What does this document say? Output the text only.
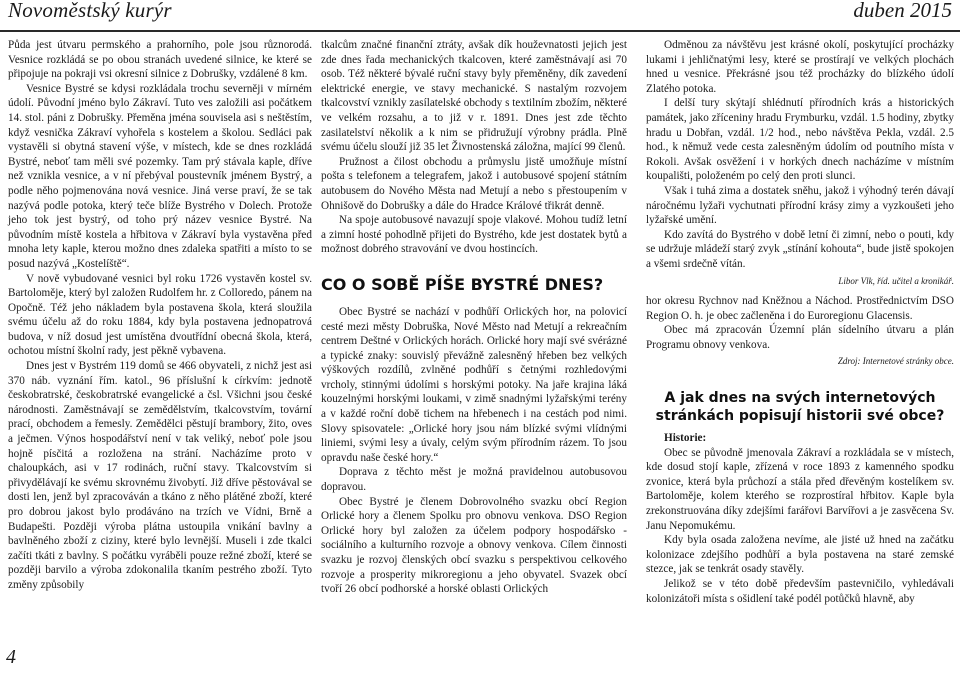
Novoměstský kurýr	duben 2015

Půda jest útvaru permského a prahorního, pole jsou různorodá. Vesnice rozkládá se po obou stranách uvedené silnice, ke které se připojuje na pokraji vsi okresní silnice z Dobrušky, vzdálené 8 km.

Vesnice Bystré se kdysi rozkládala trochu severněji v mírném údolí. Původní jméno bylo Zákraví. Tuto ves založili asi počátkem 14. stol. páni z Dobrušky. Přeměna jména souvisela asi s neštěstím, když vesnička Zákraví vyhořela s kostelem a školou. Sedláci pak vystavěli si obytná stavení výše, v místech, kde se dnes rozkládá Bystré, neboť tam měli své pozemky. Tam prý stávala kaple, dříve než vznikla vesnice, a v ní přebýval poustevník jménem Bystrý, a podle něho pojmenována nová vesnice. Jiná verse praví, že se tak nazývá podle potoka, který teče blíže Bystrého v Dolech. Protože jeho tok jest bystrý, od toho prý název vesnice Bystré. Na původním místě kostela a hřbitova v Zákraví byla vystavěna před mnoha lety kaple, kterou možno dnes zdaleka spatřiti a místo to se posud nazývá „Kostelíště“.

V nově vybudované vesnici byl roku 1726 vystavěn kostel sv. Bartoloměje, který byl založen Rudolfem hr. z Colloredo, pánem na Opočně. Též jeho nákladem byla postavena škola, která sloužila svému účelu až do roku 1884, kdy byla postavena jednopatrová budova, v níž dosud jest umístěna dvoutřídní obecná škola, která, ochotou místní školní rady, jest pěkně vybavena.

Dnes jest v Bystrém 119 domů se 466 obyvateli, z nichž jest asi 370 náb. vyznání řím. katol., 96 příslušní k církvím: jednotě českobratrské, českobratrské evangelické a čsl. Všichni jsou české národnosti. Zaměstnávají se zemědělstvím, tkalcovstvím, tovární prací, obchodem a řemesly. Zemědělci pěstují brambory, žito, oves a ječmen. Výnos hospodářství není v tak veliký, neboť pole jsou hojně písčitá a rozložena na strání. Nacházíme proto v chaloupkách, asi v 17 rodinách, ruční stavy. Tkalcovstvím si přivydělávají ke svému skrovnému živobytí. Již dříve pěstovával se dosti len, jenž byl zpracováván a tkáno z něho plátěné zboží, které pro dobrou jakost bylo prodáváno na trzích ve Vídni, Brně a Budapešti. Později výroba plátna ustoupila vnikání bavlny a bavlněného zboží z ciziny, které bylo levnější. Museli i zde tkalci začíti tkáti z bavlny. S počátku vyráběli pouze režné zboží, které se později barvilo a výroba zdokonalila tkaním pestrého zboží. Tyto změny způsobily

tkalcům značné finanční ztráty, avšak dík houževnatosti jejich jest zde dnes řada mechanických tkalcoven, které zaměstnávají asi 70 osob. Též některé bývalé ruční stavy byly přeměněny, dík zavedení elektrické energie, ve stavy mechanické. S nastalým rozvojem tkalcovství vznikly zasílatelské obchody s textilním zbožím, některé ve velkém rozsahu, a to již v r. 1891. Dnes jest zde těchto zasilatelství několik a k nim se přidružují výrobny prádla. Plně svému účelu slouží již 35 let Živnostenská záložna, mající 99 členů.

Pružnost a čilost obchodu a průmyslu jistě umožňuje místní pošta s telefonem a telegrafem, jakož i autobusové spojení státním autobusem do Nového Města nad Metují a nebo s přestoupením v Ohnišově do Dobrušky a dále do Hradce Králové třikrát denně.

Na spoje autobusové navazují spoje vlakové. Mohou tudíž letní a zimní hosté pohodlně přijeti do Bystrého, kde jest dostatek bytů a možnost dobrého stravování ve dvou hostincích.

CO O SOBĚ PÍŠE BYSTRÉ DNES?

Obec Bystré se nachází v podhůří Orlických hor, na polovicí cesté mezi městy Dobruška, Nové Město nad Metují a rekreačním centrem Deštné v Orlických horách. Orlické hory mají své svérázné a typické znaky: souvislý převážně zalesněný hřeben bez velkých výškových rozdílů, zvlněné podhůří s četnými rozhledovými vrcholy, stinnými údolími s horskými potoky. Na jaře krajina láká kouzelnými horskými loukami, v zimě snadnými lyžařskými terény a v každé roční době tichem na hřebenech i na cestách pod nimi. Slovy spisovatele: „Orlické hory jsou nám blízké svými vlídnými liniemi, svými lesy a úvaly, celým svým přírodním rázem. To jsou opravdu naše české hory.“

Doprava z těchto měst je možná pravidelnou autobusovou dopravou.

Obec Bystré je členem Dobrovolného svazku obcí Region Orlické hory a členem Spolku pro obnovu venkova. DSO Region Orlické hory byl založen za účelem podpory hospodářsko - sociálního a kulturního rozvoje a obnovy venkova. Cílem činnosti svazku je rozvoj členských obcí svazku s perspektivou celkového rozvoje a prosperity mikroregionu a jeho obyvatel. Svazek obcí tvoří 26 obcí podhorské a horské oblasti Orlických

Odměnou za návštěvu jest krásné okolí, poskytující procházky lukami i jehličnatými lesy, které se prostírají ve velkých plochách hned u vesnice. Překrásné jsou též procházky do blízkého údolí Zlatého potoka.

I delší tury skýtají shlédnutí přírodních krás a historických památek, jako zříceniny hradu Frymburku, vzdál. 1.5 hodiny, zbytky hradu u Dobřan, vzdál. 1/2 hod., nebo návštěva Pekla, vzdál. 2.5 hod., k němuž vede cesta zalesněným údolím od poutního místa v Rokoli. Avšak osvěžení i v horkých dnech nacházíme v místním koupališti, položeném po celý den proti slunci.

Však i tuhá zima a dostatek sněhu, jakož i výhodný terén dávají náročnému lyžaři vychutnati přírodní krásy zimy a vyzkoušeti jeho lyžařské umění.

Kdo zavítá do Bystrého v době letní či zimní, nebo o pouti, kdy se udržuje mládeží starý zvyk „stínání kohouta“, bude jistě spokojen a všemi srdečně vítán.

Libor Vlk, říd. učitel a kronikář.

hor okresu Rychnov nad Kněžnou a Náchod. Prostřednictvím DSO Region O. h. je obec začleněna i do Euroregionu Glacensis.

Obec má zpracován Územní plán sídelního útvaru a plán Programu obnovy venkova.

Zdroj: Internetové stránky obce.

A jak dnes na svých internetových stránkách popisují historii své obce?

Historie:

Obec se původně jmenovala Zákraví a rozkládala se v místech, kde dosud stojí kaple, zřízená v roce 1893 z kamenného spodku zvonice, která byla průchozí a stála před dřevěným kostelíkem sv. Bartoloměje, kolem kterého se rozprostíral hřbitov. Kaple byla zrekonstruována díky zdejšími farářovi Barvířovi a je zasvěcena Sv. Janu Nepomukému.

Kdy byla osada založena nevíme, ale jisté už hned na začátku kolonizace zdejšího podhůří a byla postavena na staré zemské stezce, jak se tenkrát osady stavěly.

Jelikož se v této době především pastevničilo, vyhledávali kolonizátoři místa s ošidlení také podél potůčků hlavně, aby

4
